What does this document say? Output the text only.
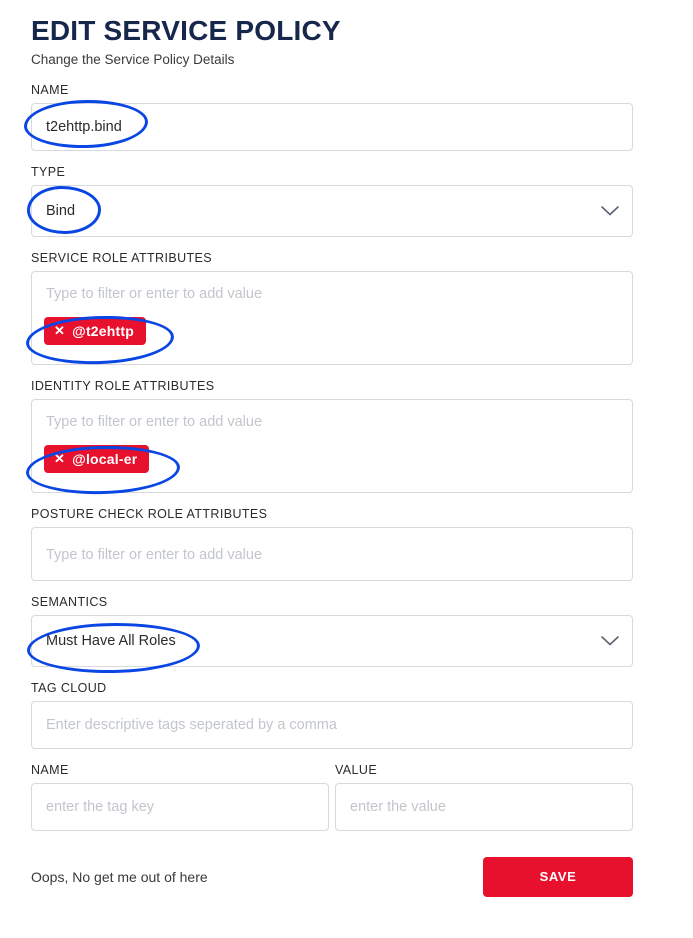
EDIT SERVICE POLICY

Change the Service Policy Details

NAME
t2ehttp.bind
TYPE
Bind
SERVICE ROLE ATTRIBUTES
Type to filter or enter to add value
✕ @t2ehttp
IDENTITY ROLE ATTRIBUTES
Type to filter or enter to add value
✕ @local-er
POSTURE CHECK ROLE ATTRIBUTES
Type to filter or enter to add value
SEMANTICS
Must Have All Roles
TAG CLOUD
Enter descriptive tags seperated by a comma
NAME
enter the tag key	VALUE
enter the value
Oops, No get me out of here	SAVE
